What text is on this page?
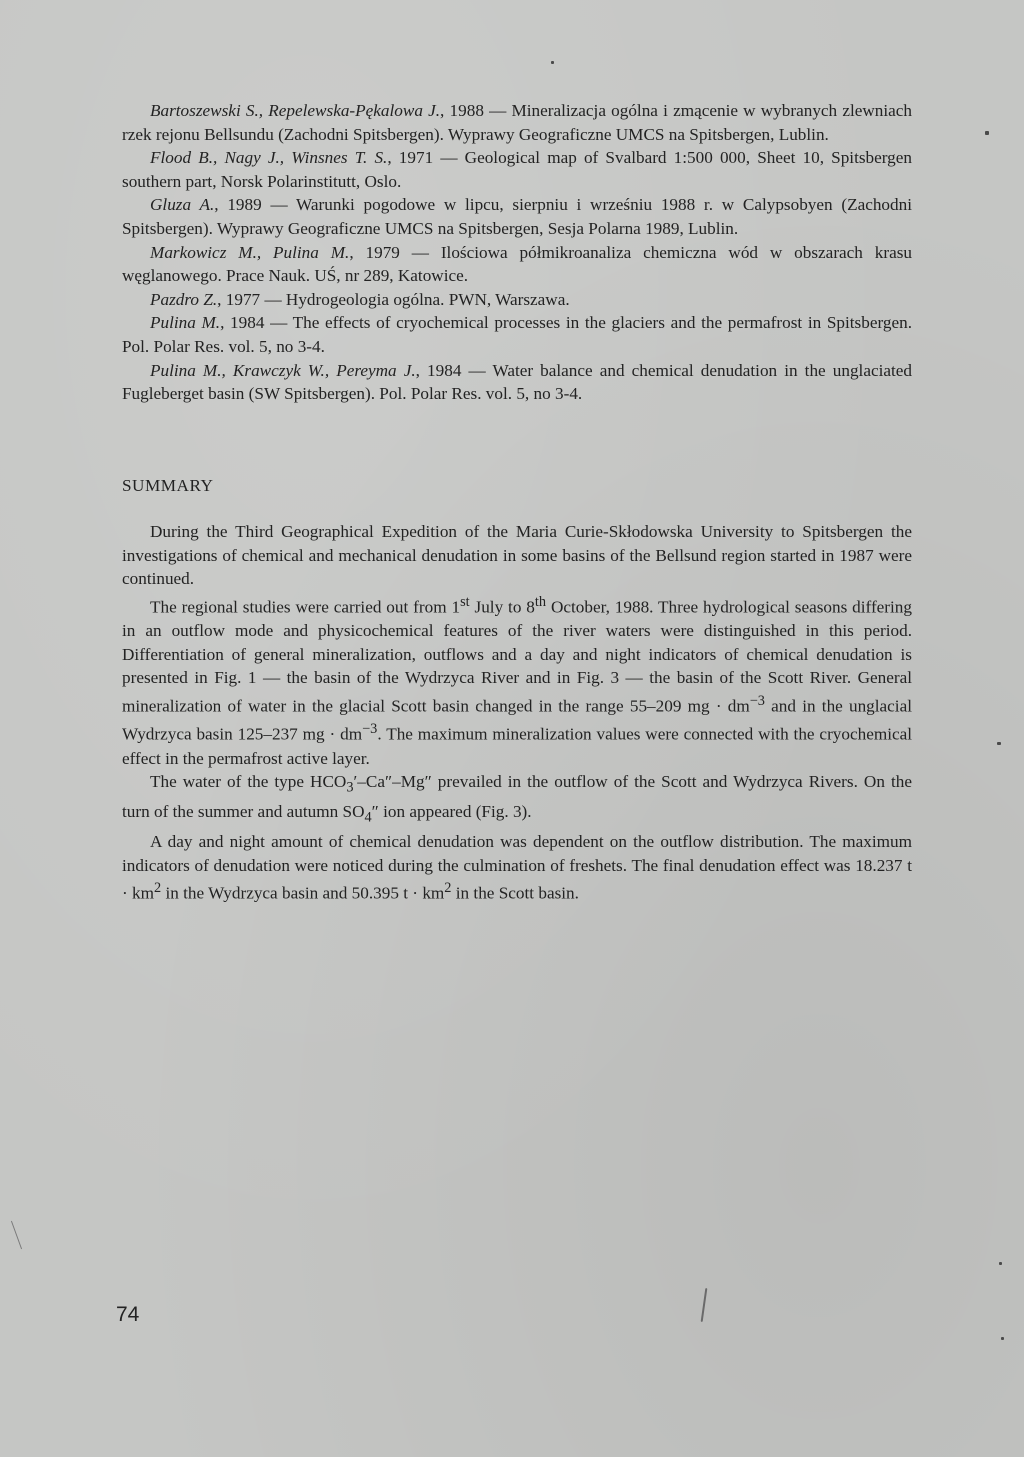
Bartoszewski S., Repelewska-Pękalowa J., 1988 — Mineralizacja ogólna i zmącenie w wybranych zlewniach rzek rejonu Bellsundu (Zachodni Spitsbergen). Wyprawy Geograficzne UMCS na Spitsbergen, Lublin.

Flood B., Nagy J., Winsnes T. S., 1971 — Geological map of Svalbard 1:500 000, Sheet 10, Spitsbergen southern part, Norsk Polarinstitutt, Oslo.

Gluza A., 1989 — Warunki pogodowe w lipcu, sierpniu i wrześniu 1988 r. w Calypsobyen (Zachodni Spitsbergen). Wyprawy Geograficzne UMCS na Spitsbergen, Sesja Polarna 1989, Lublin.

Markowicz M., Pulina M., 1979 — Ilościowa półmikroanaliza chemiczna wód w obszarach krasu węglanowego. Prace Nauk. UŚ, nr 289, Katowice.

Pazdro Z., 1977 — Hydrogeologia ogólna. PWN, Warszawa.

Pulina M., 1984 — The effects of cryochemical processes in the glaciers and the permafrost in Spitsbergen. Pol. Polar Res. vol. 5, no 3-4.

Pulina M., Krawczyk W., Pereyma J., 1984 — Water balance and chemical denudation in the unglaciated Fugleberget basin (SW Spitsbergen). Pol. Polar Res. vol. 5, no 3-4.

SUMMARY

During the Third Geographical Expedition of the Maria Curie-Skłodowska University to Spitsbergen the investigations of chemical and mechanical denudation in some basins of the Bellsund region started in 1987 were continued.

The regional studies were carried out from 1st July to 8th October, 1988. Three hydrological seasons differing in an outflow mode and physicochemical features of the river waters were distinguished in this period. Differentiation of general mineralization, outflows and a day and night indicators of chemical denudation is presented in Fig. 1 — the basin of the Wydrzyca River and in Fig. 3 — the basin of the Scott River. General mineralization of water in the glacial Scott basin changed in the range 55–209 mg · $dm^{-3}$ and in the unglacial Wydrzyca basin 125–237 mg · $dm^{-3}$. The maximum mineralization values were connected with the cryochemical effect in the permafrost active layer.

The water of the type $HCO_3'-Ca''-Mg''$ prevailed in the outflow of the Scott and Wydrzyca Rivers. On the turn of the summer and autumn $SO_4''$ ion appeared (Fig. 3).

A day and night amount of chemical denudation was dependent on the outflow distribution. The maximum indicators of denudation were noticed during the culmination of freshets. The final denudation effect was 18.237 $t \cdot km^2$ in the Wydrzyca basin and 50.395 $t \cdot km^2$ in the Scott basin.

74
